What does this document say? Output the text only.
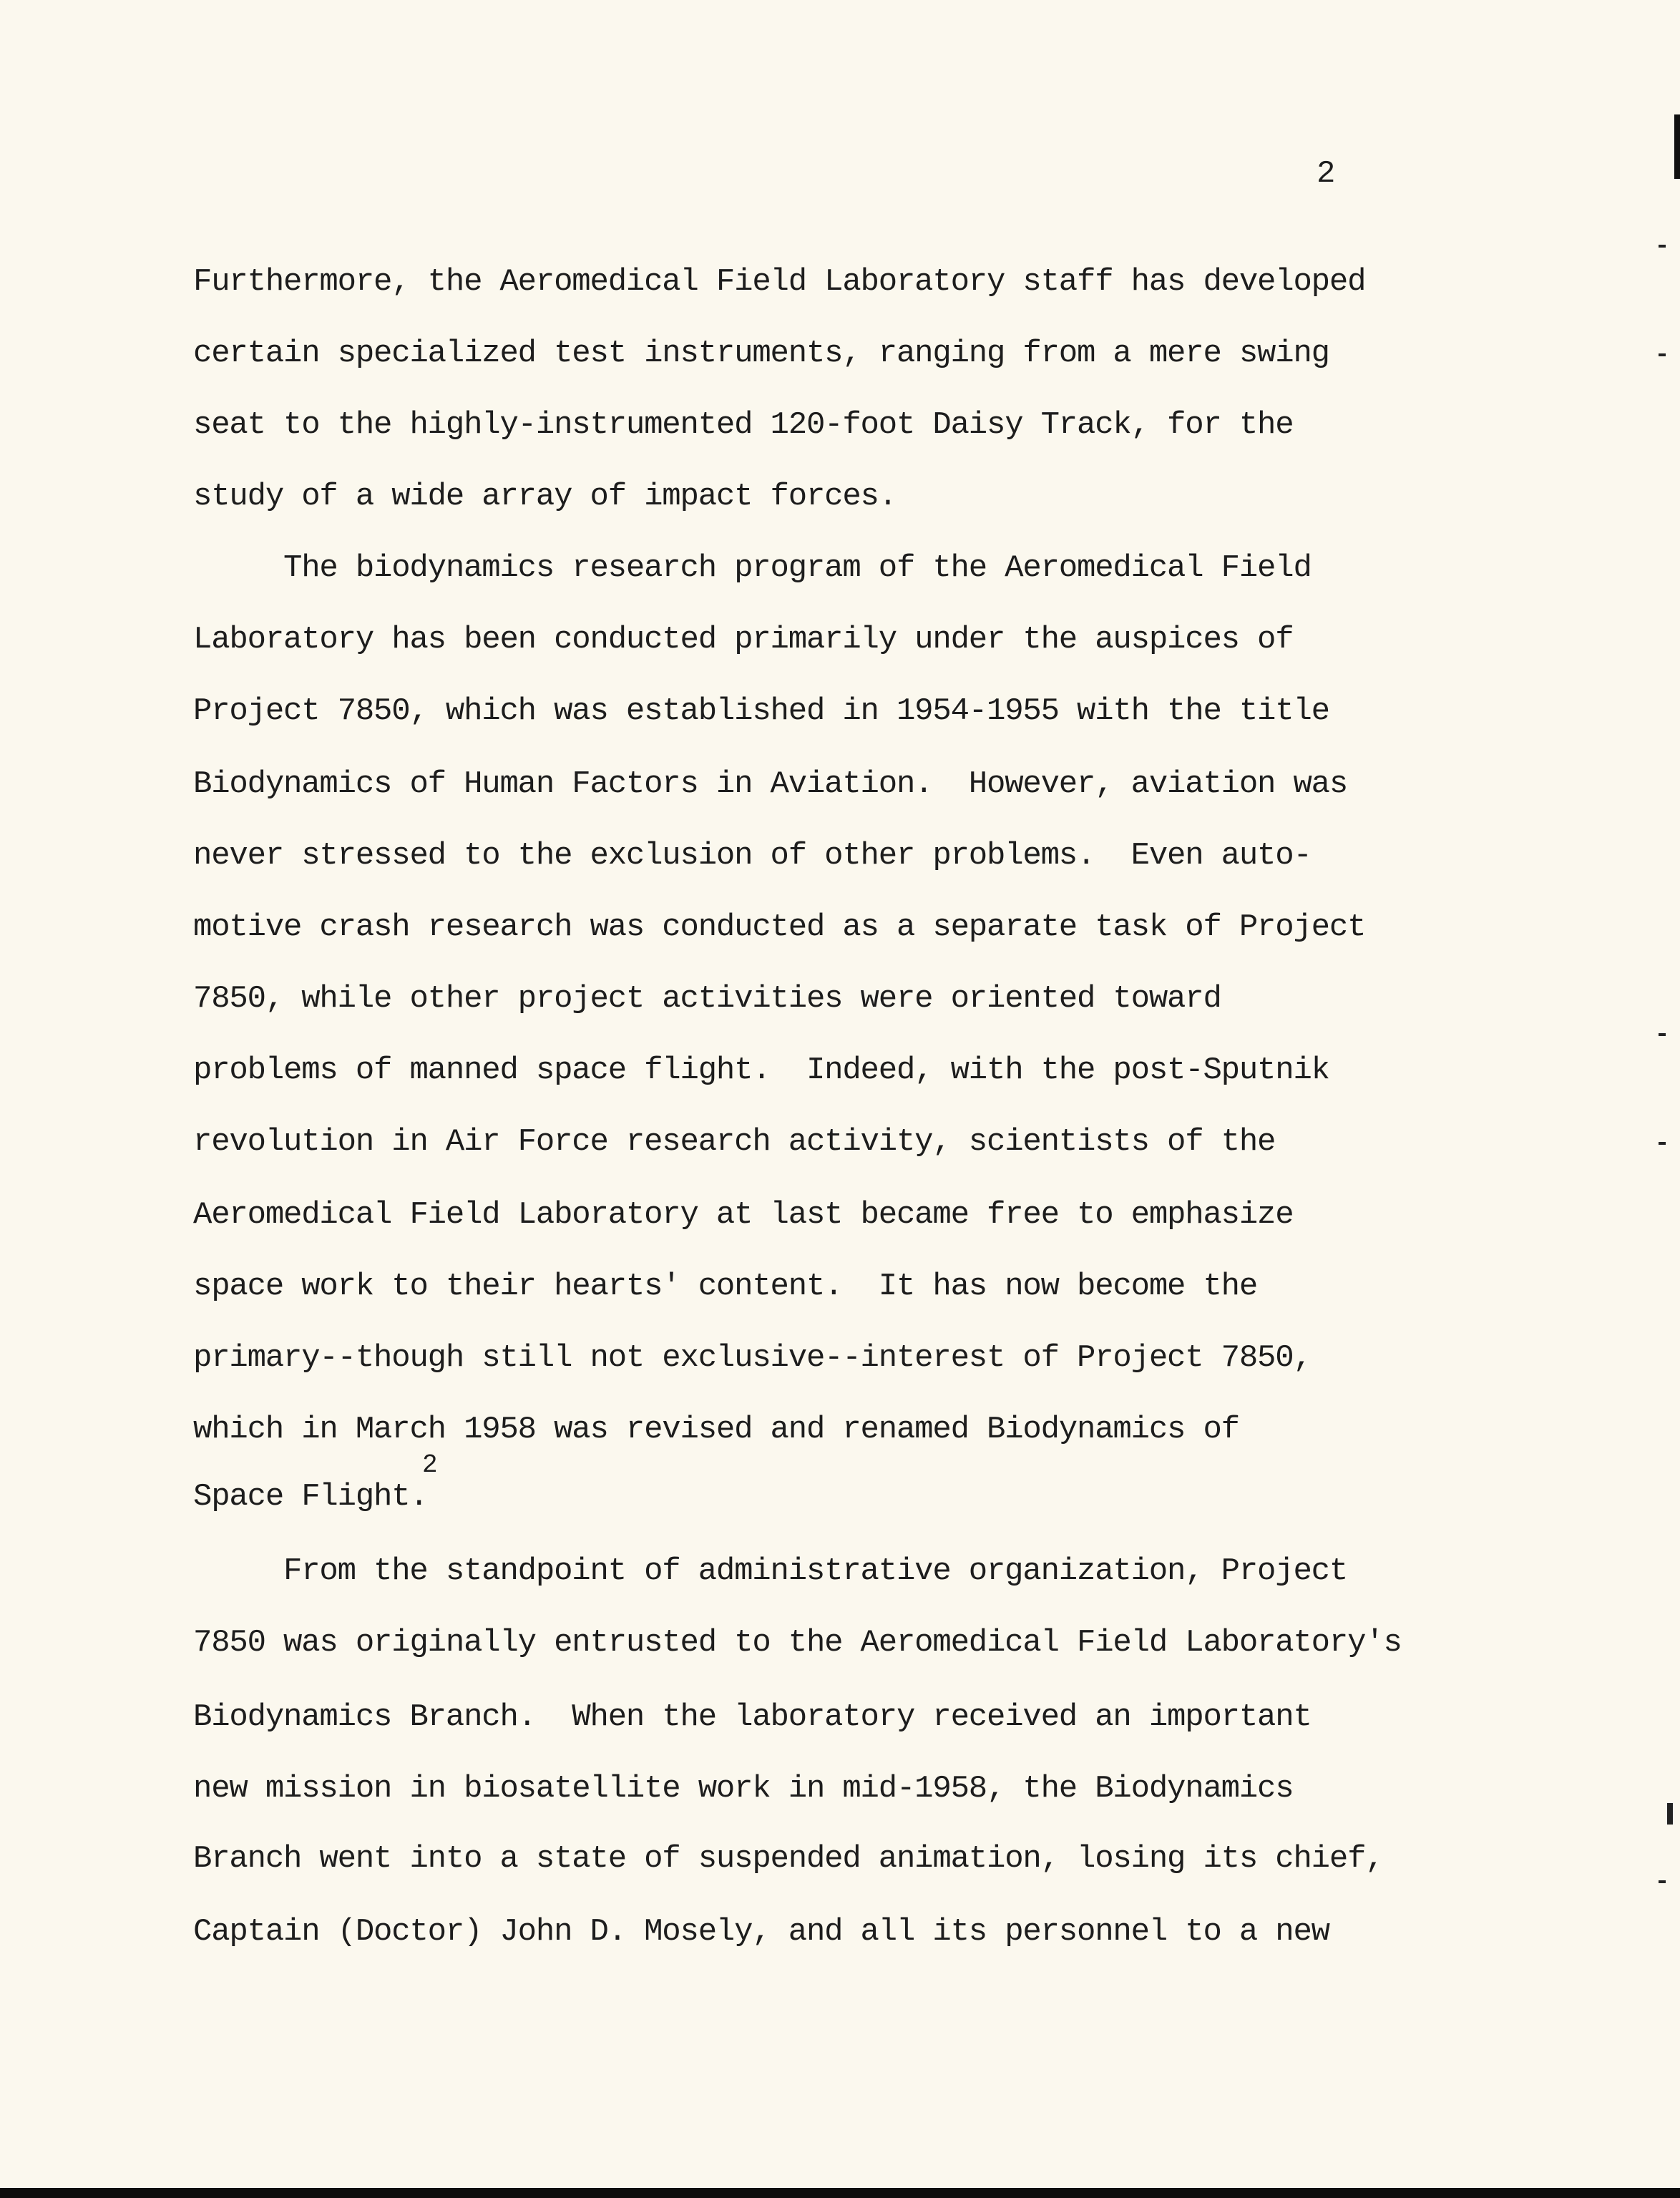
2
Furthermore, the Aeromedical Field Laboratory staff has developed
certain specialized test instruments, ranging from a mere swing
seat to the highly-instrumented 120-foot Daisy Track, for the
study of a wide array of impact forces.
The biodynamics research program of the Aeromedical Field
Laboratory has been conducted primarily under the auspices of
Project 7850, which was established in 1954-1955 with the title
Biodynamics of Human Factors in Aviation.  However, aviation was
never stressed to the exclusion of other problems.  Even auto-
motive crash research was conducted as a separate task of Project
7850, while other project activities were oriented toward
problems of manned space flight.  Indeed, with the post-Sputnik
revolution in Air Force research activity, scientists of the
Aeromedical Field Laboratory at last became free to emphasize
space work to their hearts' content.  It has now become the
primary--though still not exclusive--interest of Project 7850,
which in March 1958 was revised and renamed Biodynamics of
Space Flight.
2
From the standpoint of administrative organization, Project
7850 was originally entrusted to the Aeromedical Field Laboratory's
Biodynamics Branch.  When the laboratory received an important
new mission in biosatellite work in mid-1958, the Biodynamics
Branch went into a state of suspended animation, losing its chief,
Captain (Doctor) John D. Mosely, and all its personnel to a new
